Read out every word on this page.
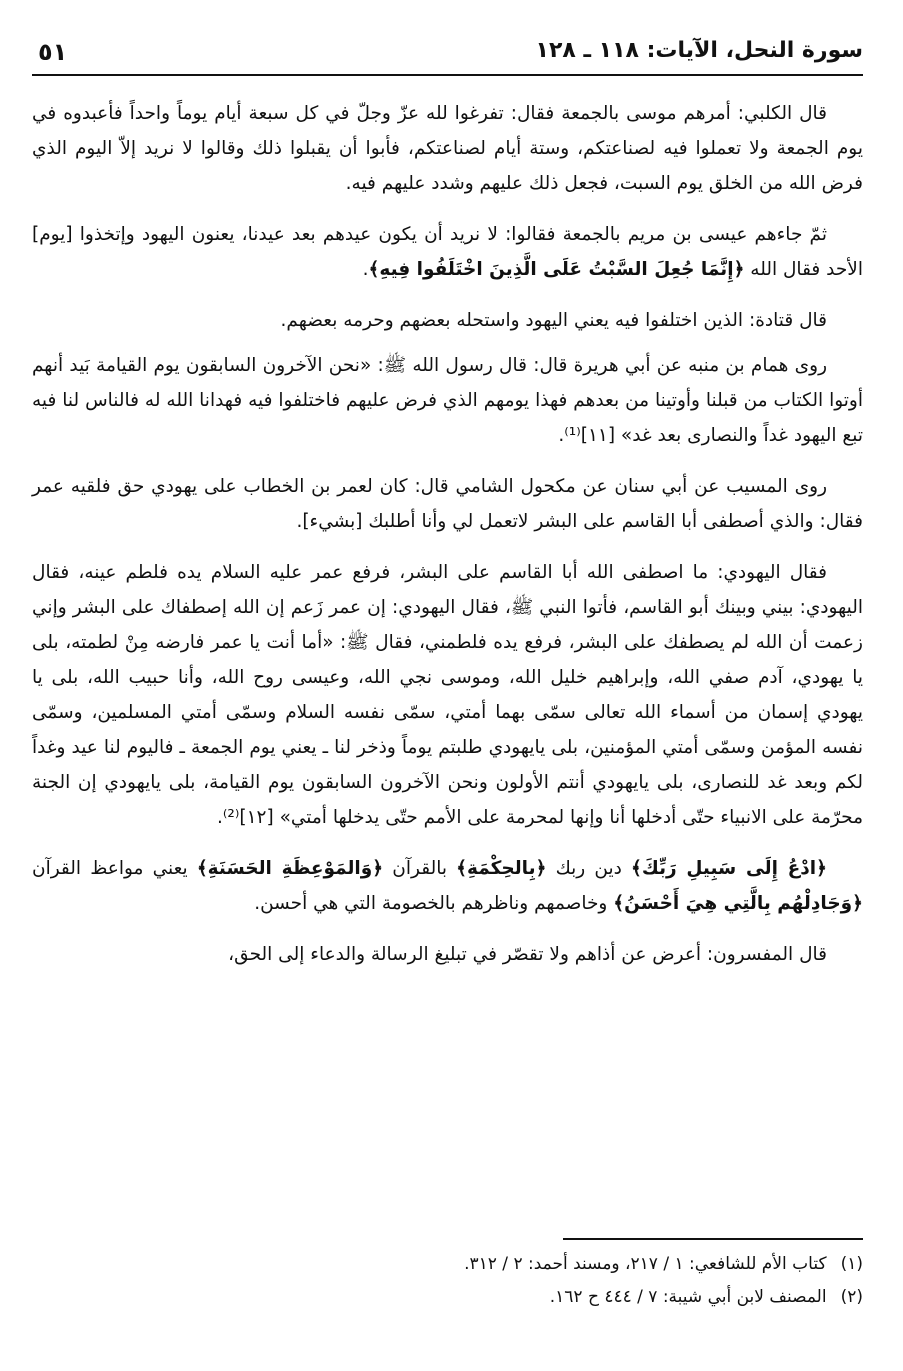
سورة النحل، الآيات: ١١٨ ـ ١٢٨
٥١

قال الكلبي: أمرهم موسى بالجمعة فقال: تفرغوا لله عزّ وجلّ في كل سبعة أيام يوماً واحداً فأعبدوه في يوم الجمعة ولا تعملوا فيه لصناعتكم، وستة أيام لصناعتكم، فأبوا أن يقبلوا ذلك وقالوا لا نريد إلاّ اليوم الذي فرض الله من الخلق يوم السبت، فجعل ذلك عليهم وشدد عليهم فيه.

ثمّ جاءهم عيسى بن مريم بالجمعة فقالوا: لا نريد أن يكون عيدهم بعد عيدنا، يعنون اليهود وإتخذوا [يوم] الأحد فقال الله ﴿إِنَّمَا جُعِلَ السَّبْتُ عَلَى الَّذِينَ اخْتَلَفُوا فِيهِ﴾.

قال قتادة: الذين اختلفوا فيه يعني اليهود واستحله بعضهم وحرمه بعضهم.

روى همام بن منبه عن أبي هريرة قال: قال رسول الله ﷺ: «نحن الآخرون السابقون يوم القيامة بَيد أنهم أوتوا الكتاب من قبلنا وأوتينا من بعدهم فهذا يومهم الذي فرض عليهم فاختلفوا فيه فهدانا الله له فالناس لنا فيه تبع اليهود غداً والنصارى بعد غد» [١١]⁽¹⁾.

روى المسيب عن أبي سنان عن مكحول الشامي قال: كان لعمر بن الخطاب على يهودي حق فلقيه عمر فقال: والذي أصطفى أبا القاسم على البشر لاتعمل لي وأنا أطلبك [بشيء].

فقال اليهودي: ما اصطفى الله أبا القاسم على البشر، فرفع عمر عليه السلام يده فلطم عينه، فقال اليهودي: بيني وبينك أبو القاسم، فأتوا النبي ﷺ، فقال اليهودي: إن عمر زَعم إن الله إصطفاك على البشر وإني زعمت أن الله لم يصطفك على البشر، فرفع يده فلطمني، فقال ﷺ: «أما أنت يا عمر فارضه مِنْ لطمته، بلى يا يهودي، آدم صفي الله، وإبراهيم خليل الله، وموسى نجي الله، وعيسى روح الله، وأنا حبيب الله، بلى يا يهودي إسمان من أسماء الله تعالى سمّى بهما أمتي، سمّى نفسه السلام وسمّى أمتي المسلمين، وسمّى نفسه المؤمن وسمّى أمتي المؤمنين، بلى يايهودي طلبتم يوماً وذخر لنا ـ يعني يوم الجمعة ـ فاليوم لنا عيد وغداً لكم وبعد غد للنصارى، بلى يايهودي أنتم الأولون ونحن الآخرون السابقون يوم القيامة، بلى يايهودي إن الجنة محرّمة على الانبياء حتّى أدخلها أنا وإنها لمحرمة على الأمم حتّى يدخلها أمتي» [١٢]⁽²⁾.

﴿ادْعُ إِلَى سَبِيلِ رَبِّكَ﴾ دين ربك ﴿بِالحِكْمَةِ﴾ بالقرآن ﴿وَالمَوْعِظَةِ الحَسَنَةِ﴾ يعني مواعظ القرآن ﴿وَجَادِلْهُم بِالَّتِي هِيَ أَحْسَنُ﴾ وخاصمهم وناظرهم بالخصومة التي هي أحسن.

قال المفسرون: أعرض عن أذاهم ولا تقصّر في تبليغ الرسالة والدعاء إلى الحق،

(١)كتاب الأم للشافعي: ١ / ٢١٧، ومسند أحمد: ٢ / ٣١٢.

(٢)المصنف لابن أبي شيبة: ٧ / ٤٤٤ ح ١٦٢.
